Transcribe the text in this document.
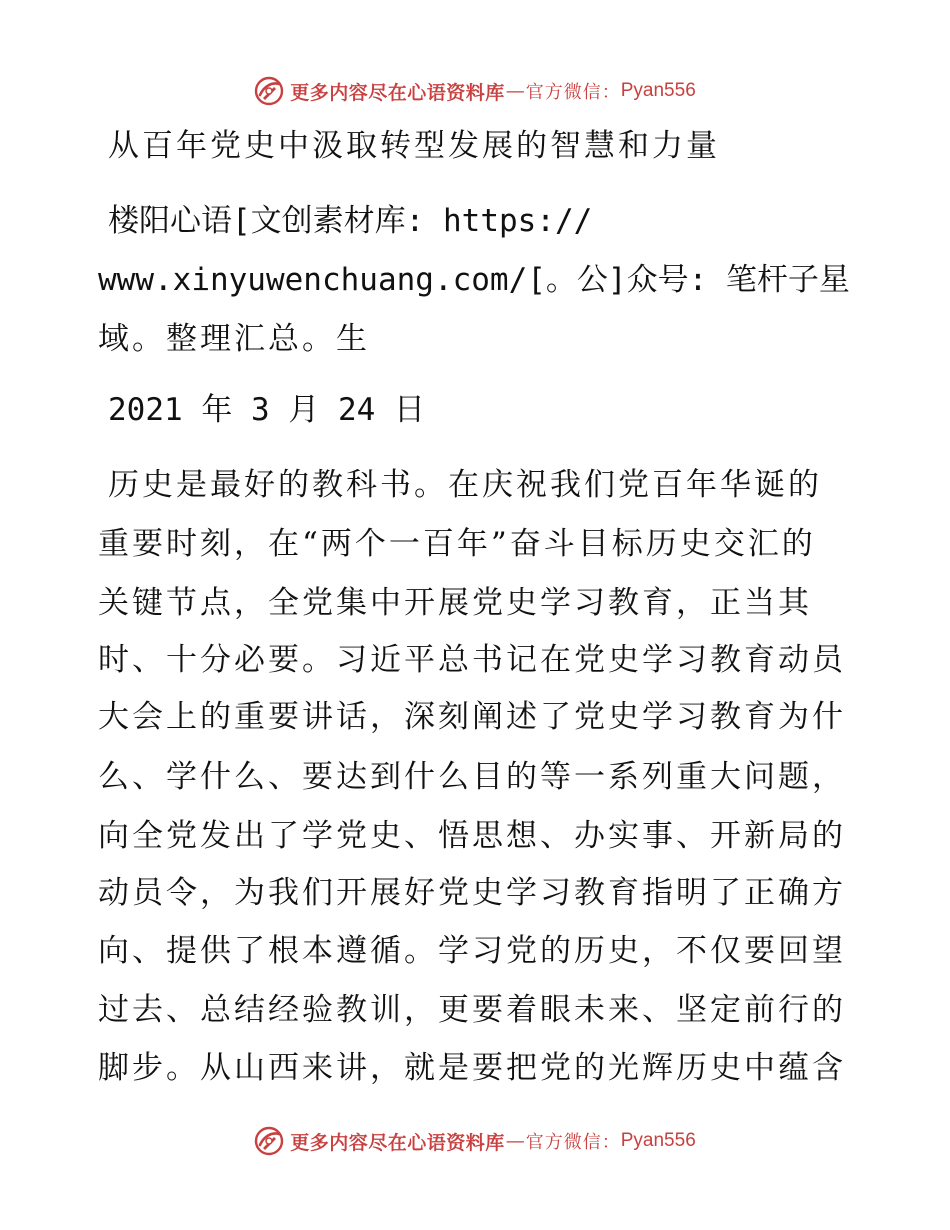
更多内容尽在心语资料库 — 官方微信： Pyan556
从百年党史中汲取转型发展的智慧和力量
楼阳心语[文创素材库: https://
www.xinyuwenchuang.com/[。公]众号: 笔杆子星
域。整理汇总。生
2021 年 3 月 24 日
历史是最好的教科书。在庆祝我们党百年华诞的
重要时刻，在“两个一百年”奋斗目标历史交汇的
关键节点，全党集中开展党史学习教育，正当其
时、十分必要。习近平总书记在党史学习教育动员
大会上的重要讲话，深刻阐述了党史学习教育为什
么、学什么、要达到什么目的等一系列重大问题，
向全党发出了学党史、悟思想、办实事、开新局的
动员令，为我们开展好党史学习教育指明了正确方
向、提供了根本遵循。学习党的历史，不仅要回望
过去、总结经验教训，更要着眼未来、坚定前行的
脚步。从山西来讲，就是要把党的光辉历史中蕴含
更多内容尽在心语资料库 — 官方微信： Pyan556
